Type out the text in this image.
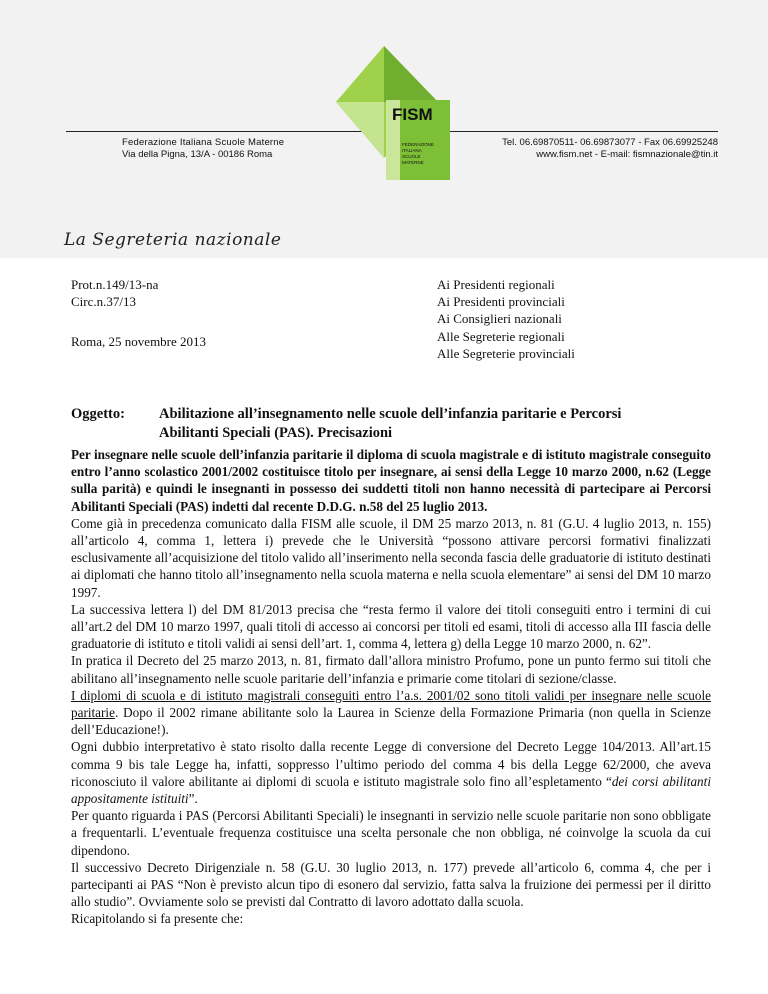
FISM
FEDERAZIONE
ITALIANA
SCUOLE
MATERNE
Federazione Italiana Scuole Materne
Via della Pigna, 13/A - 00186 Roma
Tel. 06.69870511- 06.69873077 - Fax 06.69925248
www.fism.net - E-mail: fismnazionale@tin.it
La Segreteria nazionale
Prot.n.149/13-na
Circ.n.37/13
Roma, 25 novembre 2013
Ai Presidenti regionali
Ai Presidenti provinciali
Ai Consiglieri nazionali
Alle Segreterie regionali
Alle Segreterie provinciali
Oggetto: Abilitazione all’insegnamento nelle scuole dell’infanzia paritarie e Percorsi
Abilitanti Speciali (PAS). Precisazioni

Per insegnare nelle scuole dell’infanzia paritarie il diploma di scuola magistrale e di istituto magistrale conseguito entro l’anno scolastico 2001/2002 costituisce titolo per insegnare, ai sensi della Legge 10 marzo 2000, n.62 (Legge sulla parità) e quindi le insegnanti in possesso dei suddetti titoli non hanno necessità di partecipare ai Percorsi Abilitanti Speciali (PAS) indetti dal recente D.D.G. n.58 del 25 luglio 2013.

Come già in precedenza comunicato dalla FISM alle scuole, il DM 25 marzo 2013, n. 81 (G.U. 4 luglio 2013, n. 155) all’articolo 4, comma 1, lettera i) prevede che le Università “possono attivare percorsi formativi finalizzati esclusivamente all’acquisizione del titolo valido all’inserimento nella seconda fascia delle graduatorie di istituto destinati ai diplomati che hanno titolo all’insegnamento nella scuola materna e nella scuola elementare” ai sensi del DM 10 marzo 1997.

La successiva lettera l) del DM 81/2013 precisa che “resta fermo il valore dei titoli conseguiti entro i termini di cui all’art.2 del DM 10 marzo 1997, quali titoli di accesso ai concorsi per titoli ed esami, titoli di accesso alla III fascia delle graduatorie di istituto e titoli validi ai sensi dell’art. 1, comma 4, lettera g) della Legge 10 marzo 2000, n. 62”.

In pratica il Decreto del 25 marzo 2013, n. 81, firmato dall’allora ministro Profumo, pone un punto fermo sui titoli che abilitano all’insegnamento nelle scuole paritarie dell’infanzia e primarie come titolari di sezione/classe.

I diplomi di scuola e di istituto magistrali conseguiti entro l’a.s. 2001/02 sono titoli validi per insegnare nelle scuole paritarie. Dopo il 2002 rimane abilitante solo la Laurea in Scienze della Formazione Primaria (non quella in Scienze dell’Educazione!).

Ogni dubbio interpretativo è stato risolto dalla recente Legge di conversione del Decreto Legge 104/2013. All’art.15 comma 9 bis tale Legge ha, infatti, soppresso l’ultimo periodo del comma 4 bis della Legge 62/2000, che aveva riconosciuto il valore abilitante ai diplomi di scuola e istituto magistrale solo fino all’espletamento “dei corsi abilitanti appositamente istituiti”.

Per quanto riguarda i PAS (Percorsi Abilitanti Speciali) le insegnanti in servizio nelle scuole paritarie non sono obbligate a frequentarli. L’eventuale frequenza costituisce una scelta personale che non obbliga, né coinvolge la scuola da cui dipendono.

Il successivo Decreto Dirigenziale n. 58 (G.U. 30 luglio 2013, n. 177) prevede all’articolo 6, comma 4, che per i partecipanti ai PAS “Non è previsto alcun tipo di esonero dal servizio, fatta salva la fruizione dei permessi per il diritto allo studio”. Ovviamente solo se previsti dal Contratto di lavoro adottato dalla scuola.

Ricapitolando si fa presente che:
